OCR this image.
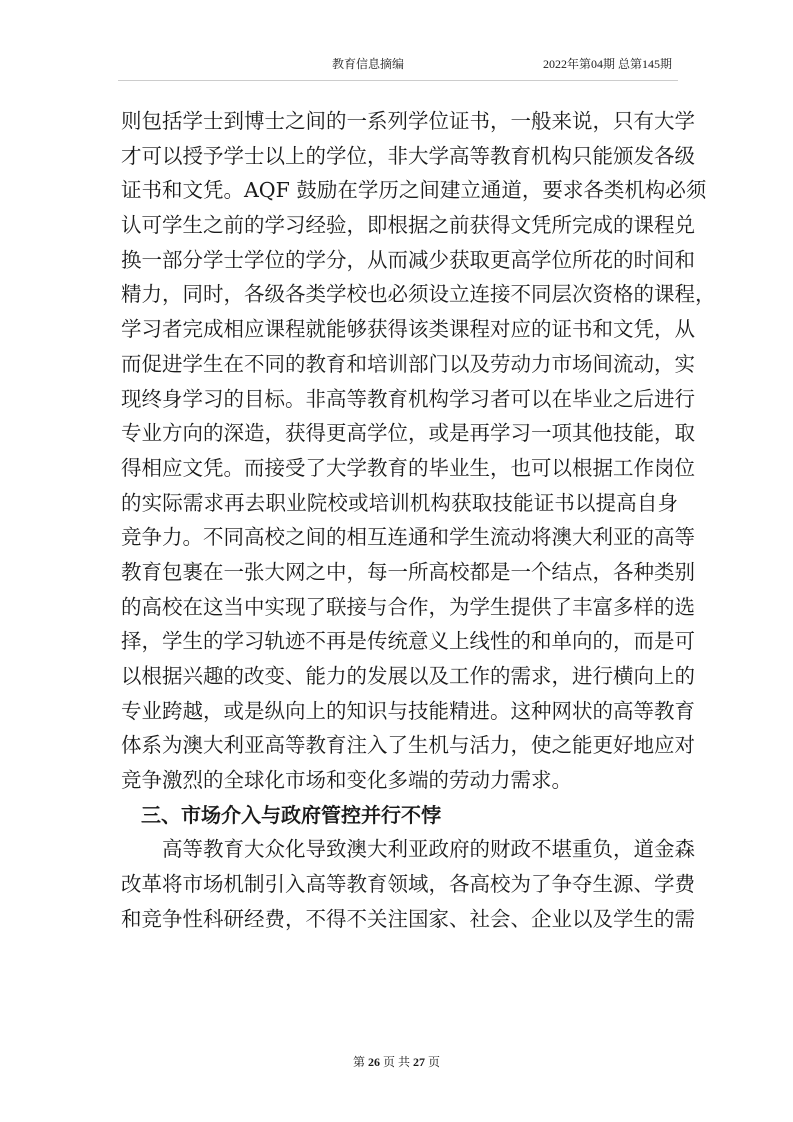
教育信息摘编	2022年第04期 总第145期
则包括学士到博士之间的一系列学位证书，一般来说，只有大学
才可以授予学士以上的学位，非大学高等教育机构只能颁发各级
证书和文凭。AQF 鼓励在学历之间建立通道，要求各类机构必须
认可学生之前的学习经验，即根据之前获得文凭所完成的课程兑
换一部分学士学位的学分，从而减少获取更高学位所花的时间和
精力，同时，各级各类学校也必须设立连接不同层次资格的课程，
学习者完成相应课程就能够获得该类课程对应的证书和文凭，从
而促进学生在不同的教育和培训部门以及劳动力市场间流动，实
现终身学习的目标。非高等教育机构学习者可以在毕业之后进行
专业方向的深造，获得更高学位，或是再学习一项其他技能，取
得相应文凭。而接受了大学教育的毕业生，也可以根据工作岗位
的实际需求再去职业院校或培训机构获取技能证书以提高自身
竞争力。不同高校之间的相互连通和学生流动将澳大利亚的高等
教育包裹在一张大网之中，每一所高校都是一个结点，各种类别
的高校在这当中实现了联接与合作，为学生提供了丰富多样的选
择，学生的学习轨迹不再是传统意义上线性的和单向的，而是可
以根据兴趣的改变、能力的发展以及工作的需求，进行横向上的
专业跨越，或是纵向上的知识与技能精进。这种网状的高等教育
体系为澳大利亚高等教育注入了生机与活力，使之能更好地应对
竞争激烈的全球化市场和变化多端的劳动力需求。
三、市场介入与政府管控并行不悖
高等教育大众化导致澳大利亚政府的财政不堪重负，道金森
改革将市场机制引入高等教育领域，各高校为了争夺生源、学费
和竞争性科研经费，不得不关注国家、社会、企业以及学生的需
第 26 页 共 27 页
